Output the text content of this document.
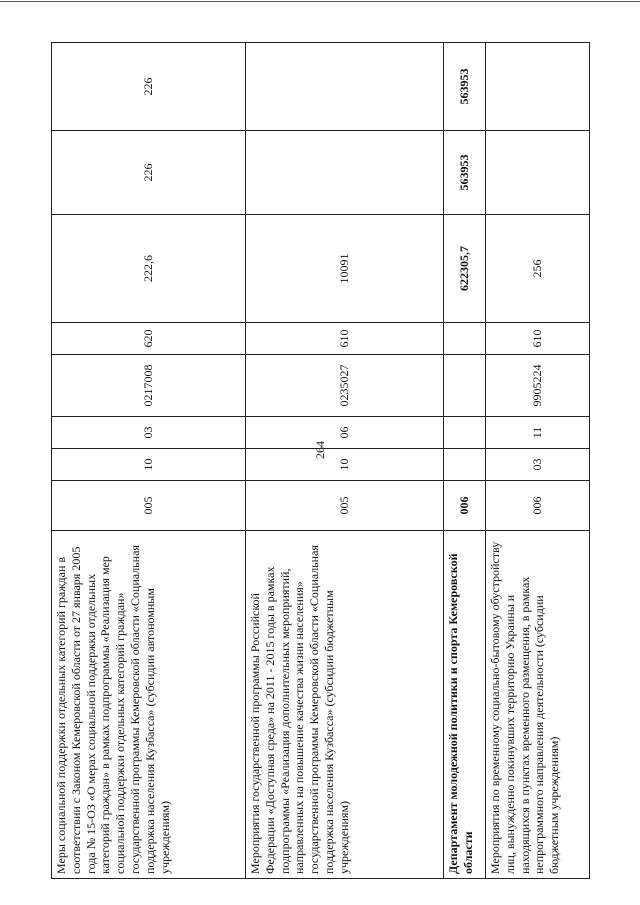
264
Меры социальной поддержки отдельных категорий граждан в соответствии с Законом Кемеровской области от 27 января 2005 года № 15-ОЗ «О мерах социальной поддержки отдельных категорий граждан» в рамках подпрограммы «Реализация мер социальной поддержки отдельных категорий граждан» государственной программы Кемеровской области «Социальная поддержка населения Кузбасса» (субсидии автономным учреждениям)	005	10	03	0217008	620	222,6	226	226
Мероприятия государственной программы Российской Федерации «Доступная среда» на 2011 - 2015 годы в рамках подпрограммы «Реализация дополнительных мероприятий, направленных на повышение качества жизни населения» государственной программы Кемеровской области «Социальная поддержка населения Кузбасса» (субсидии бюджетным учреждениям)	005	10	06	0235027	610	10091		
Департамент молодежной политики и спорта Кемеровской области	006					622305,7	563953	563953
Мероприятия по временному социально-бытовому обустройству лиц, вынужденно покинувших территорию Украины и находящихся в пунктах временного размещения, в рамках непрограммного направления деятельности (субсидии бюджетным учреждениям)	006	03	11	9905224	610	256		
